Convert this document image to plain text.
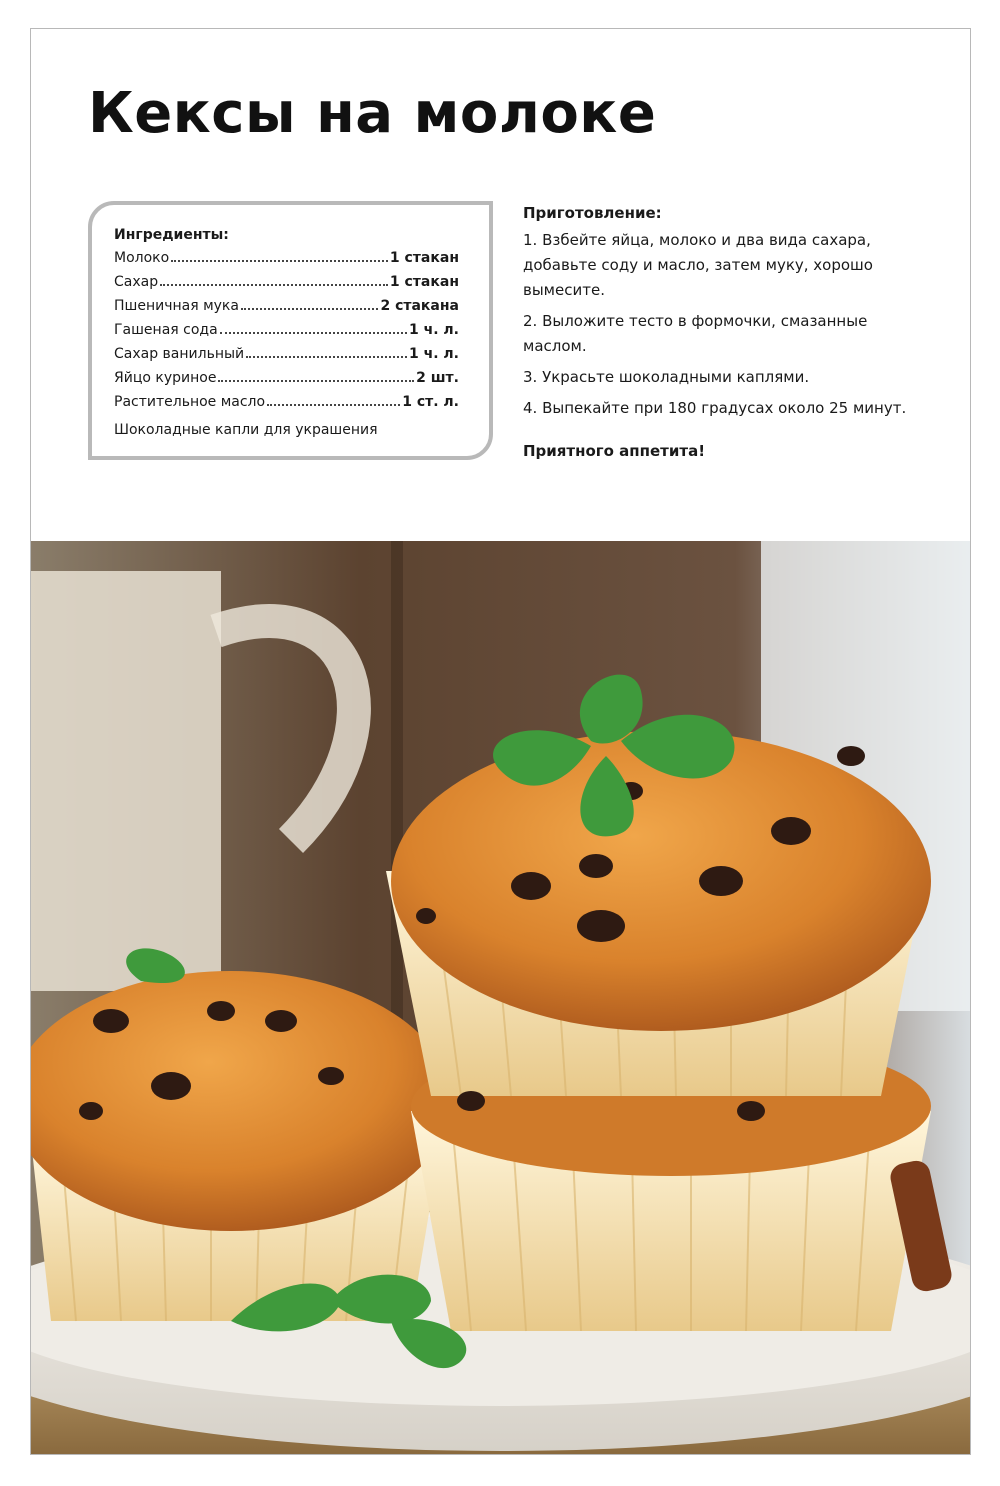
Кексы на молоке
Ингредиенты:
Молоко	1 стакан
Сахар	1 стакан
Пшеничная мука	2 стакана
Гашеная сода	1 ч. л.
Сахар ванильный	1 ч. л.
Яйцо куриное	2 шт.
Растительное масло	1 ст. л.
Шоколадные капли для украшения
Приготовление:
1. Взбейте яйца, молоко и два вида сахара, добавьте соду и масло, затем муку, хорошо вымесите.
2. Выложите тесто в формочки, смазанные маслом.
3. Украсьте шоколадными каплями.
4. Выпекайте при 180 градусах около 25 минут.
Приятного аппетита!
